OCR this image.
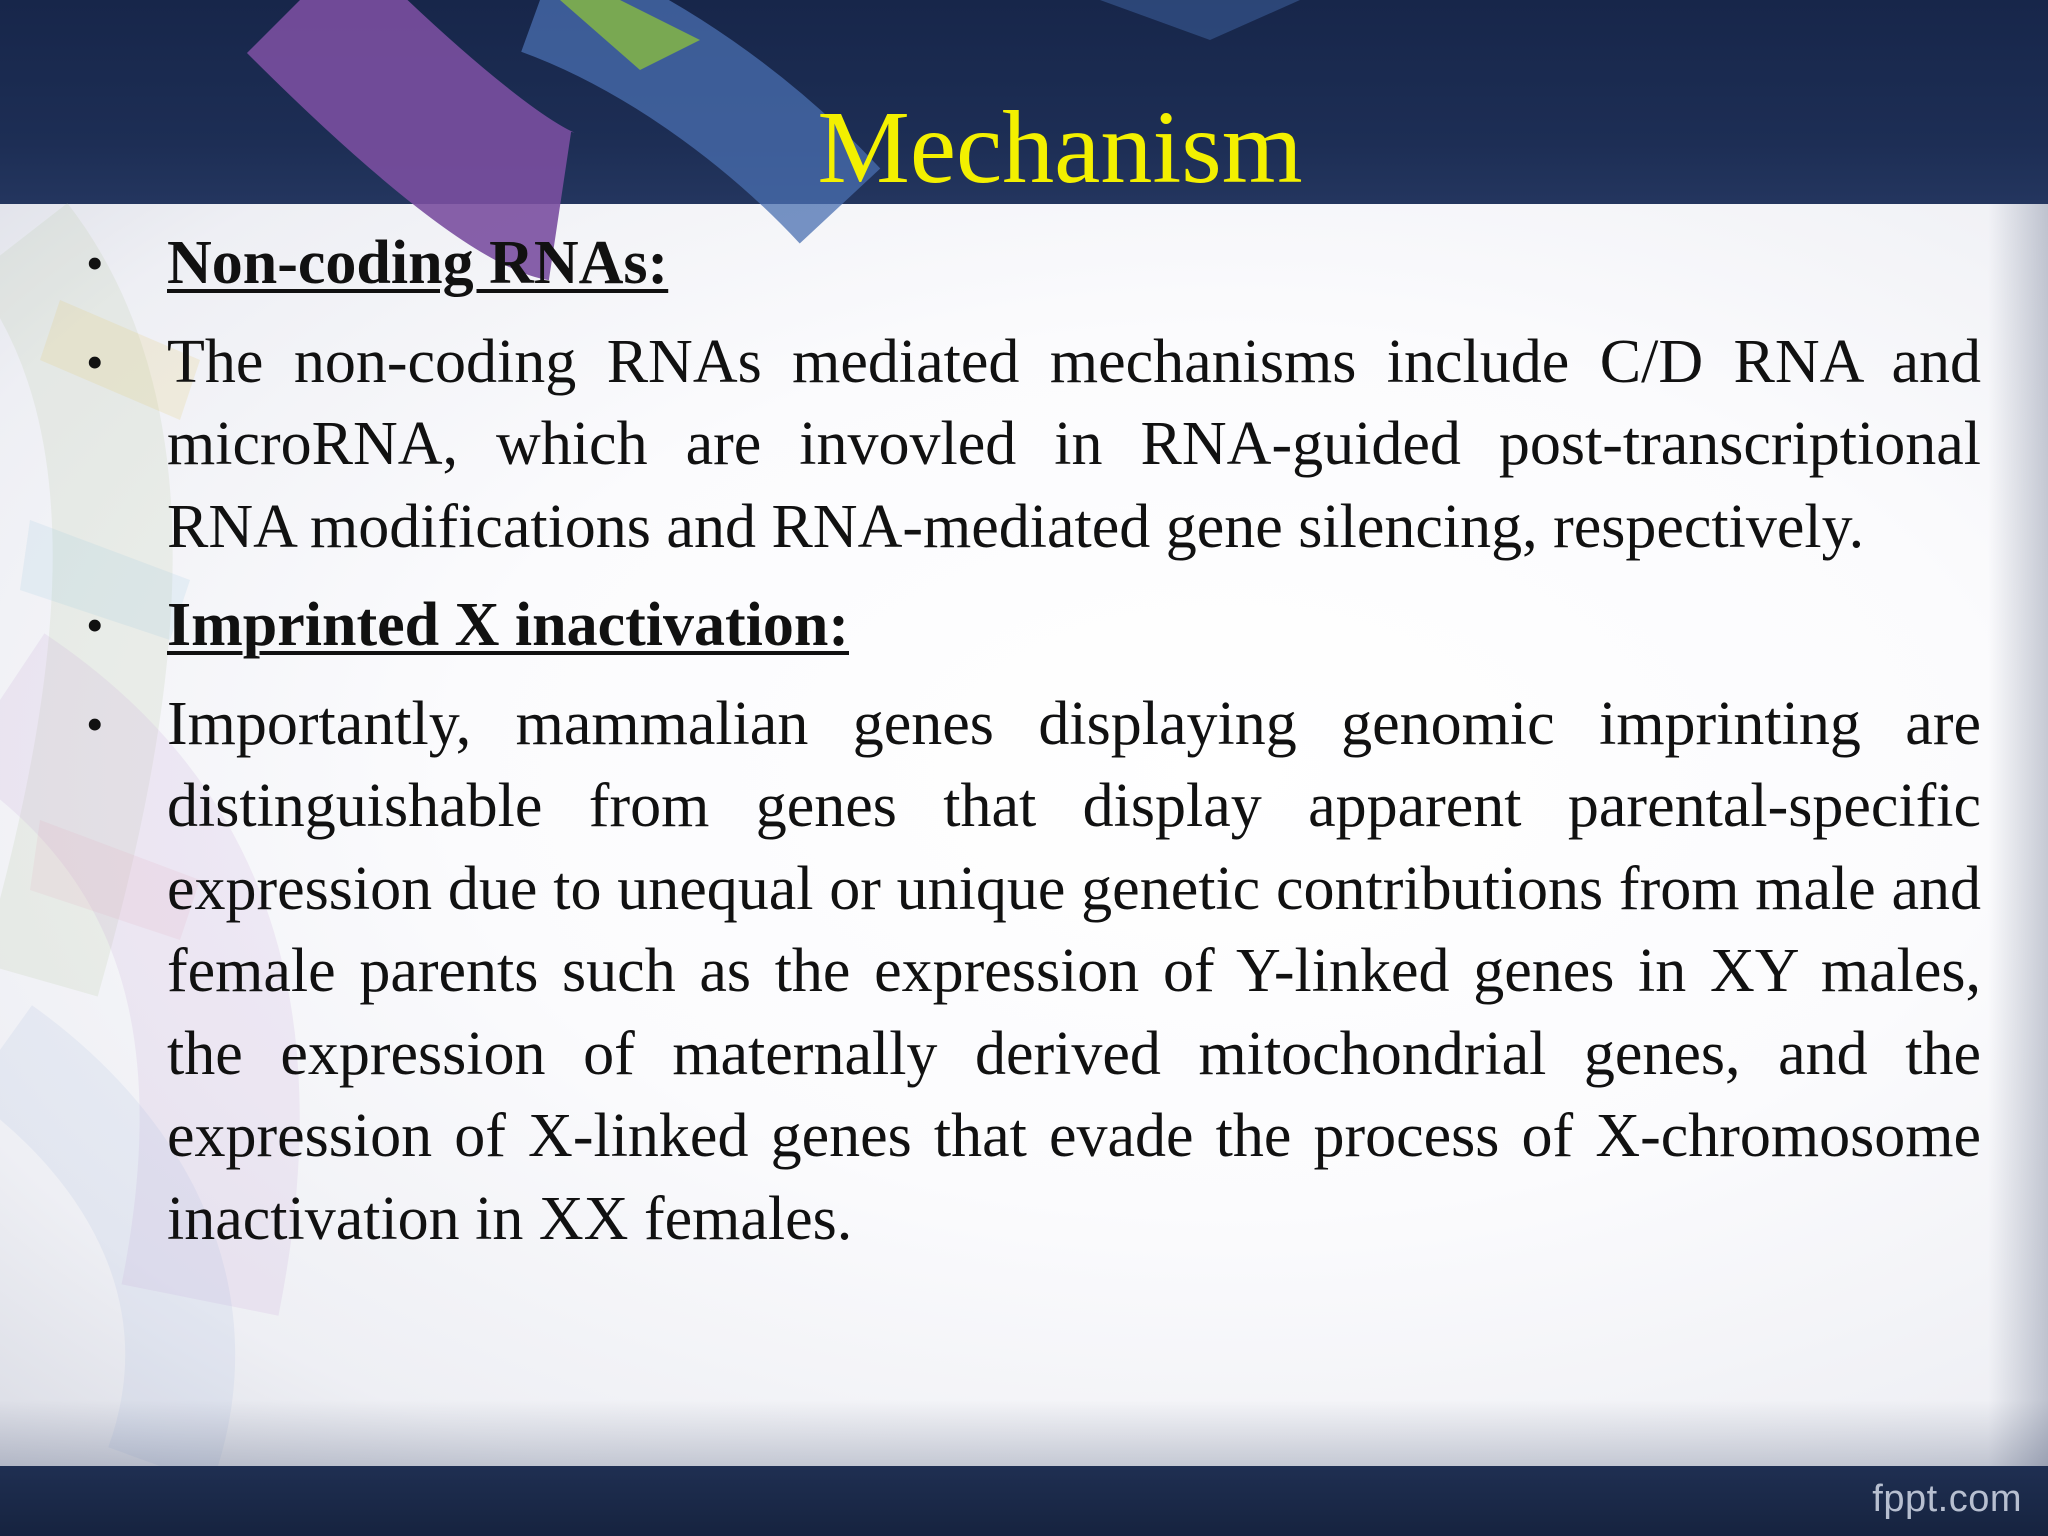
Mechanism
• Non-coding RNAs:
• The non-coding RNAs mediated mechanisms include C/D RNA and microRNA, which are invovled in RNA-guided post-transcriptional RNA modifications and RNA-mediated gene silencing, respectively.
• Imprinted X inactivation:
• Importantly, mammalian genes displaying genomic imprinting are distinguishable from genes that display apparent parental-specific expression due to unequal or unique genetic contributions from male and female parents such as the expression of Y-linked genes in XY males, the expression of maternally derived mitochondrial genes, and the expression of X-linked genes that evade the process of X-chromosome inactivation in XX females.
fppt.com
